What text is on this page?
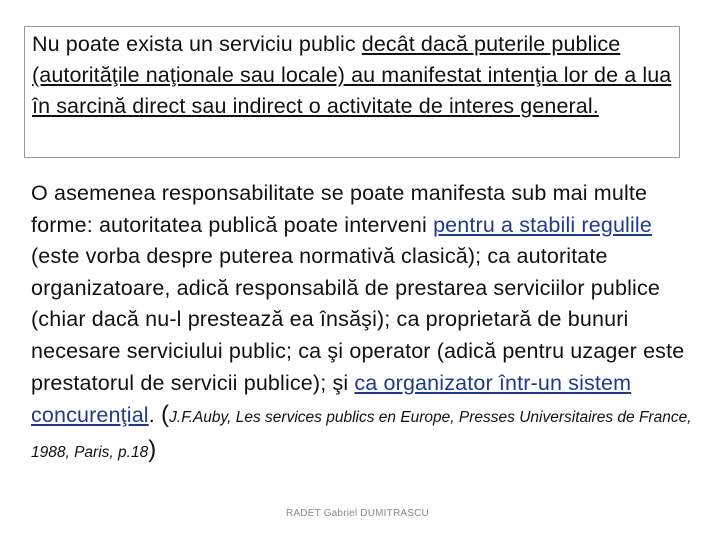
Nu poate exista un serviciu public decât dacă puterile publice (autorităţile naţionale sau locale) au manifestat intenţia lor de a lua în sarcină direct sau indirect o activitate de interes general.
O asemenea responsabilitate se poate manifesta sub mai multe forme: autoritatea publică poate interveni pentru a stabili regulile (este vorba despre puterea normativă clasică); ca autoritate organizatoare, adică responsabilă de prestarea serviciilor publice (chiar dacă nu-l prestează ea însăşi); ca proprietară de bunuri necesare serviciului public; ca şi operator (adică pentru uzager este prestatorul de servicii publice); şi ca organizator într-un sistem concurenţial. (J.F.Auby, Les services publics en Europe, Presses Universitaires de France, 1988, Paris, p.18)
RADET Gabriel DUMITRASCU
